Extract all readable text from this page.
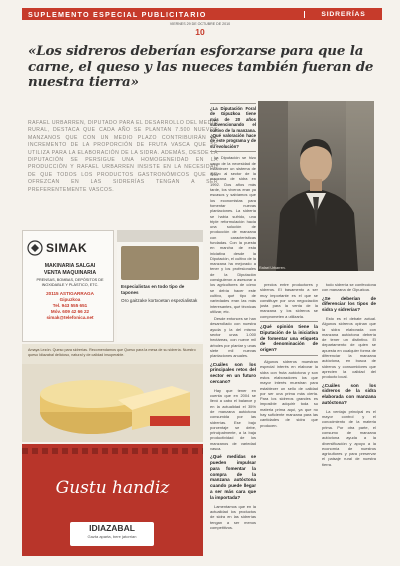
SUPLEMENTO ESPECIAL PUBLICITARIO	SIDRERÍAS
VIERNES 29 DE OCTUBRE DE 2010
10
«Los sidreros deberían esforzarse para que la carne, el queso y las nueces también fueran de nuestra tierra»
RAFAEL URBARREN, DIPUTADO PARA EL DESARROLLO DEL MEDIO RURAL, DESTACA QUE CADA AÑO SE PLANTAN 7.500 NUEVOS MANZANOS QUE CON UN MEDIO PLAZO CONTRIBUIRÁN AL INCREMENTO DE LA PROPORCIÓN DE FRUTA VASCA QUE SE UTILIZA PARA LA ELABORACIÓN DE LA SIDRA. ADEMÁS, DESDE LA DIPUTACIÓN SE PERSIGUE UNA HOMOGENEIDAD EN LA PRODUCCIÓN Y RAFAEL URBARREN INSISTE EN LA NECESIDAD DE QUE TODOS LOS PRODUCTOS GASTRONÓMICOS QUE SE OFREZCAN EN LAS SIDRERÍAS TENGAN A SER PREFERENTEMENTE VASCOS.
¿La Diputación Foral de Gipuzkoa tiene más de 20 años subvencionando el cultivo de la manzana. ¿Qué valoración hace de este programa y de su evolución?

La Diputación se hizo cargo de la necesidad de establecer un sistema de apoyo al sector de la manzana de sidra en 1992. Dos años más tarde, los viveros eran ya escasos y sabíamos que los economistas para fomentar nuevas plantaciones. La sidrería se había sufrido, una triple reformulación hacia una solución de producción de manzana con características fundadas. Con la puesta en marcha de esta iniciativa desde la Diputación, el cultivo de la manzana ha mejorado a tener y los profesionales de la Diputación consiguieron a asesorar a los agricultores de cómo se debía hacer este cultivo, qué tipo de variedades eran las más interesantes, qué técnicas utilizar, etc.

Desde entonces se han desarrollado con nuestra ayuda y la del mismo sector unas 1.000 hectáreas, con nueve mil árboles por plantar y unas siete mil nuevas plantaciones anuales.

¿Cuáles son los principales retos del sector en un futuro cercano?

Hay que tener en cuenta que en 2004 se llevó a cabo el balance y en la actualidad el 35% de manzana autóctona consumida por las sidrerías. Ese bajo porcentaje se debe, principalmente, a la baja productividad de los manzanos de variedad vasca.

¿Qué medidas se pueden impulsar para fomentar la compra de la manzana autóctona cuando puede llegar a ser más cara que la importada?

Lamentamos que en la actualidad los productos de sidra en las sidrerías tengan a ser menos competitivos.

Rafael Urbarren.

precios entre productores y sidreros. El basamento a ser muy importante es el que se constituye por una negociación justa para la venta de la manzana y los sidreros se comprometen a utilizarla.

¿Qué opinión tiene la Diputación de la iniciativa de fomentar una etiqueta de denominación de origen?

Algunos sidreros muestran especial interés en elaborar la sidra con fruta autóctona y son estos elaboradores los que mayor interés muestran para establecer un sello de calidad por ser una prima más cierta. Para los sidreros grandes es imposible adquirir toda su materia prima aquí, ya que no hay suficiente manzana para las cantidades de sidra que producen.

todo sidrería se confecciona con manzana de Gipuzkoa.

¿Se deberían de diferenciar los tipos de sidra y sidrerías?

Esto es el debate actual. Algunos sidreros opinan que la sidra elaborada con manzana autóctona debería de tener un distintivo. El departamento de quien se apuesta en cualquier forma de diferenciar la manzana autóctona, en busca de sidreros y consumidores que aprecien la calidad del producto local.

¿Cuáles son los sidreros de la sidra elaborada con manzana autóctona?

La ventaja principal es el mayor control y el conocimiento de la materia prima. Por otra parte, el consumo de manzana autóctona ayuda a la diversificación y apoyo a la economía de nuestros agricultores y para preservar el paisaje rural de nuestra tierra.

SIMAK
MAKINARIA SALGAI
VENTA MAQUINARIA
PRENSAS, BOMBAS, DEPÓSITOS DE INOXIDABLE Y PLÁSTICO, ETC.
20115 ASTIGARRAGA
Gipuzkoa
Tel. 943 555 651
Móv. 609 42 66 22
simak@telefonica.net
Especialistas en todo tipo de tapones
Oro gaitzake kortxoetan espezialistak
Amaya Lezón. Queso para sidrerías. Recomendamos que Queso para la mesa de su sidrería. Nuestro queso Idiazabal delicioso, natural y de calidad insuperable.
Gustu handiz
IDIAZABAL
Gazta aparta, bere jatorrian
